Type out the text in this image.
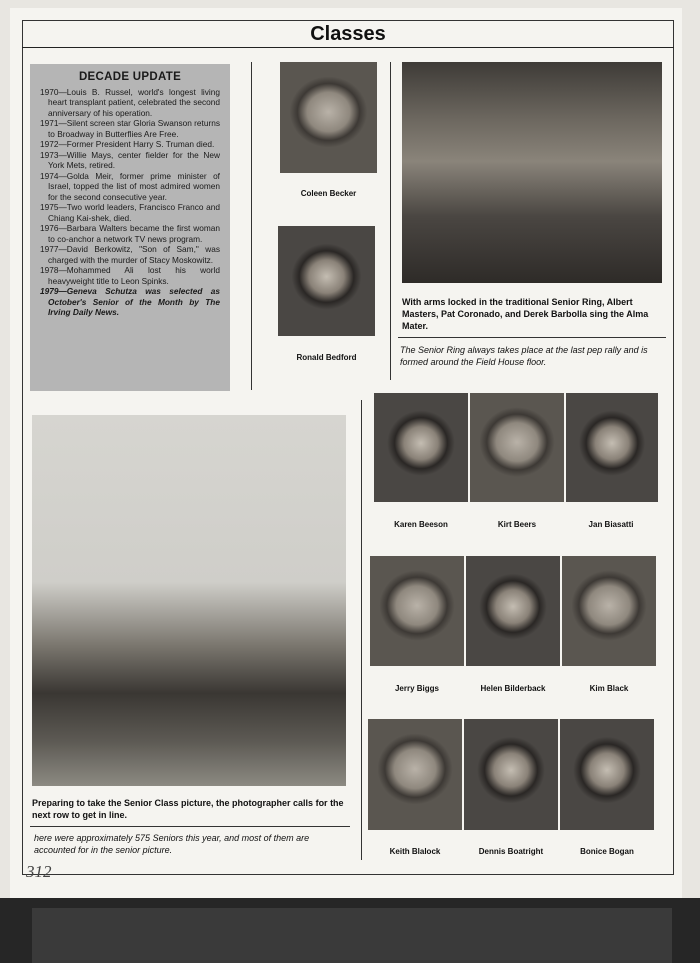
Classes
DECADE UPDATE

1970—Louis B. Russel, world's longest living heart transplant patient, celebrated the second anniversary of his operation.

1971—Silent screen star Gloria Swanson returns to Broadway in Butterflies Are Free.

1972—Former President Harry S. Truman died.

1973—Willie Mays, center fielder for the New York Mets, retired.

1974—Golda Meir, former prime minister of Israel, topped the list of most admired women for the second consecutive year.

1975—Two world leaders, Francisco Franco and Chiang Kai-shek, died.

1976—Barbara Walters became the first woman to co-anchor a network TV news program.

1977—David Berkowitz, "Son of Sam," was charged with the murder of Stacy Moskowitz.

1978—Mohammed Ali lost his world heavyweight title to Leon Spinks.

1979—Geneva Schutza was selected as October's Senior of the Month by The Irving Daily News.

Coleen Becker
Ronald Bedford
With arms locked in the traditional Senior Ring, Albert Masters, Pat Coronado, and Derek Barbolla sing the Alma Mater.
The Senior Ring always takes place at the last pep rally and is formed around the Field House floor.
Preparing to take the Senior Class picture, the photographer calls for the next row to get in line.
here were approximately 575 Seniors this year, and most of them are accounted for in the senior picture.
Karen Beeson	Kirt Beers	Jan Biasatti
Jerry Biggs	Helen Bilderback	Kim Black
Keith Blalock	Dennis Boatright	Bonice Bogan
312
